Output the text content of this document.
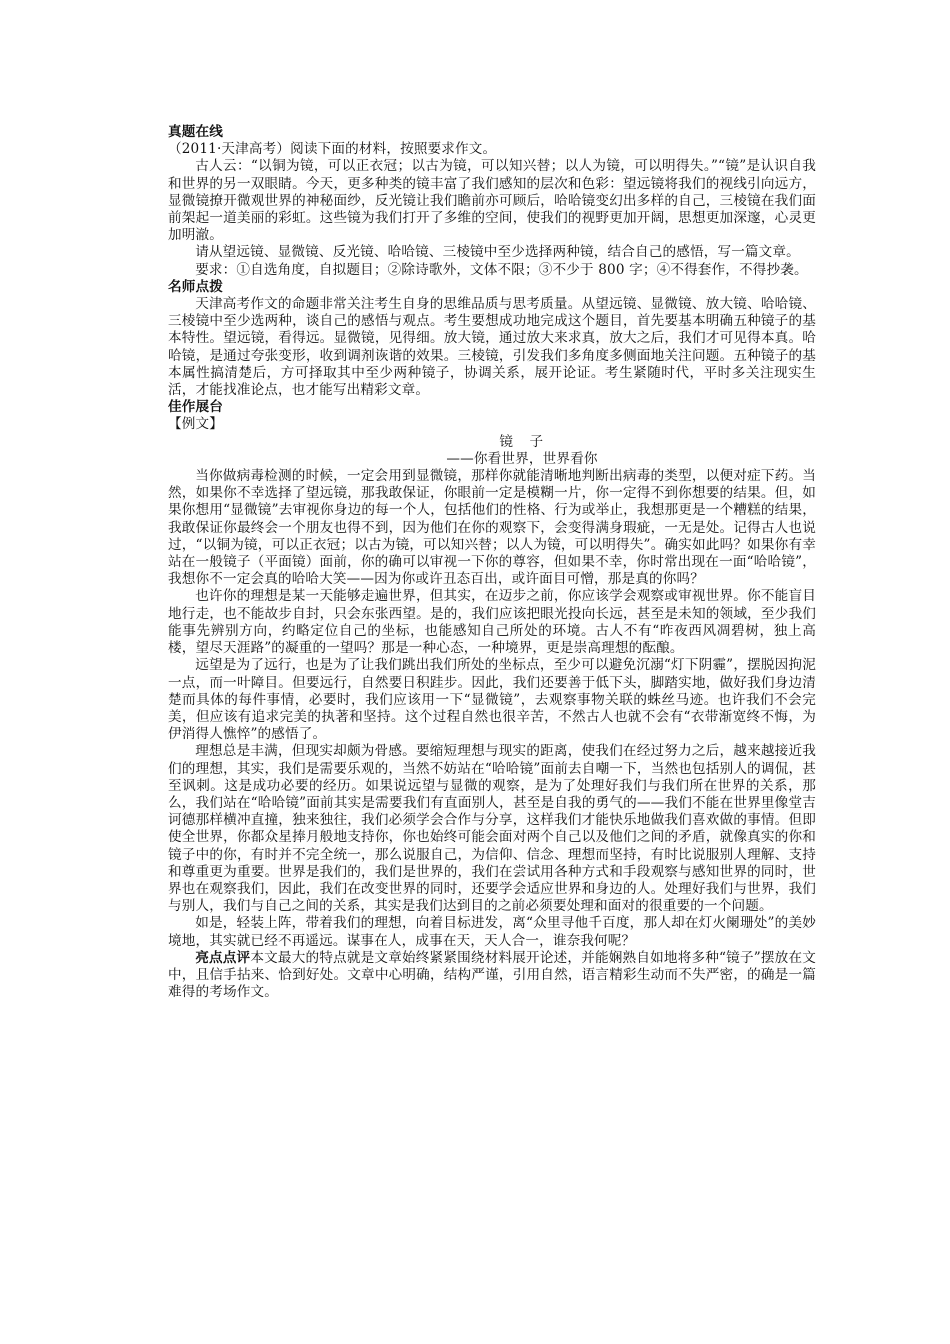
真题在线

（2011·天津高考）阅读下面的材料，按照要求作文。

古人云：“以铜为镜，可以正衣冠；以古为镜，可以知兴替；以人为镜，可以明得失。”“镜”是认识自我和世界的另一双眼睛。今天，更多种类的镜丰富了我们感知的层次和色彩：望远镜将我们的视线引向远方，显微镜撩开微观世界的神秘面纱，反光镜让我们瞻前亦可顾后，哈哈镜变幻出多样的自己，三棱镜在我们面前架起一道美丽的彩虹。这些镜为我们打开了多维的空间，使我们的视野更加开阔，思想更加深邃，心灵更加明澈。

请从望远镜、显微镜、反光镜、哈哈镜、三棱镜中至少选择两种镜，结合自己的感悟，写一篇文章。

要求：①自选角度，自拟题目；②除诗歌外，文体不限；③不少于 800 字；④不得套作，不得抄袭。

名师点拨

天津高考作文的命题非常关注考生自身的思维品质与思考质量。从望远镜、显微镜、放大镜、哈哈镜、三棱镜中至少选两种，谈自己的感悟与观点。考生要想成功地完成这个题目，首先要基本明确五种镜子的基本特性。望远镜，看得远。显微镜，见得细。放大镜，通过放大来求真，放大之后，我们才可见得本真。哈哈镜，是通过夸张变形，收到调剂诙谐的效果。三棱镜，引发我们多角度多侧面地关注问题。五种镜子的基本属性搞清楚后，方可择取其中至少两种镜子，协调关系，展开论证。考生紧随时代，平时多关注现实生活，才能找准论点，也才能写出精彩文章。

佳作展台
【例文】
镜　子
——你看世界，世界看你

当你做病毒检测的时候，一定会用到显微镜，那样你就能清晰地判断出病毒的类型，以便对症下药。当然，如果你不幸选择了望远镜，那我敢保证，你眼前一定是模糊一片，你一定得不到你想要的结果。但，如果你想用“显微镜”去审视你身边的每一个人，包括他们的性格、行为或举止，我想那更是一个糟糕的结果，我敢保证你最终会一个朋友也得不到，因为他们在你的观察下，会变得满身瑕疵，一无是处。记得古人也说过，“以铜为镜，可以正衣冠；以古为镜，可以知兴替；以人为镜，可以明得失”。确实如此吗？如果你有幸站在一般镜子（平面镜）面前，你的确可以审视一下你的尊容，但如果不幸，你时常出现在一面“哈哈镜”，我想你不一定会真的哈哈大笑——因为你或许丑态百出，或许面目可憎，那是真的你吗？

也许你的理想是某一天能够走遍世界，但其实，在迈步之前，你应该学会观察或审视世界。你不能盲目地行走，也不能故步自封，只会东张西望。是的，我们应该把眼光投向长远，甚至是未知的领域，至少我们能事先辨别方向，约略定位自己的坐标，也能感知自己所处的环境。古人不有“昨夜西风凋碧树，独上高楼，望尽天涯路”的凝重的一望吗？那是一种心态，一种境界，更是崇高理想的酝酿。

远望是为了远行，也是为了让我们跳出我们所处的坐标点，至少可以避免沉溺“灯下阴霾”，摆脱因拘泥一点，而一叶障目。但要远行，自然要日积跬步。因此，我们还要善于低下头，脚踏实地，做好我们身边清楚而具体的每件事情，必要时，我们应该用一下“显微镜”，去观察事物关联的蛛丝马迹。也许我们不会完美，但应该有追求完美的执著和坚持。这个过程自然也很辛苦，不然古人也就不会有“衣带渐宽终不悔，为伊消得人憔悴”的感悟了。

理想总是丰满，但现实却颇为骨感。要缩短理想与现实的距离，使我们在经过努力之后，越来越接近我们的理想，其实，我们是需要乐观的，当然不妨站在“哈哈镜”面前去自嘲一下，当然也包括别人的调侃，甚至讽刺。这是成功必要的经历。如果说远望与显微的观察，是为了处理好我们与我们所在世界的关系，那么，我们站在“哈哈镜”面前其实是需要我们有直面别人，甚至是自我的勇气的——我们不能在世界里像堂吉诃德那样横冲直撞，独来独往，我们必须学会合作与分享，这样我们才能快乐地做我们喜欢做的事情。但即使全世界，你都众星捧月般地支持你，你也始终可能会面对两个自己以及他们之间的矛盾，就像真实的你和镜子中的你，有时并不完全统一，那么说服自己，为信仰、信念、理想而坚持，有时比说服别人理解、支持和尊重更为重要。世界是我们的，我们是世界的，我们在尝试用各种方式和手段观察与感知世界的同时，世界也在观察我们，因此，我们在改变世界的同时，还要学会适应世界和身边的人。处理好我们与世界，我们与别人，我们与自己之间的关系，其实是我们达到目的之前必须要处理和面对的很重要的一个问题。

如是，轻装上阵，带着我们的理想，向着目标进发，离“众里寻他千百度，那人却在灯火阑珊处”的美妙境地，其实就已经不再遥远。谋事在人，成事在天，天人合一，谁奈我何呢？

亮点点评本文最大的特点就是文章始终紧紧围绕材料展开论述，并能娴熟自如地将多种“镜子”摆放在文中，且信手拈来、恰到好处。文章中心明确，结构严谨，引用自然，语言精彩生动而不失严密，的确是一篇难得的考场作文。
